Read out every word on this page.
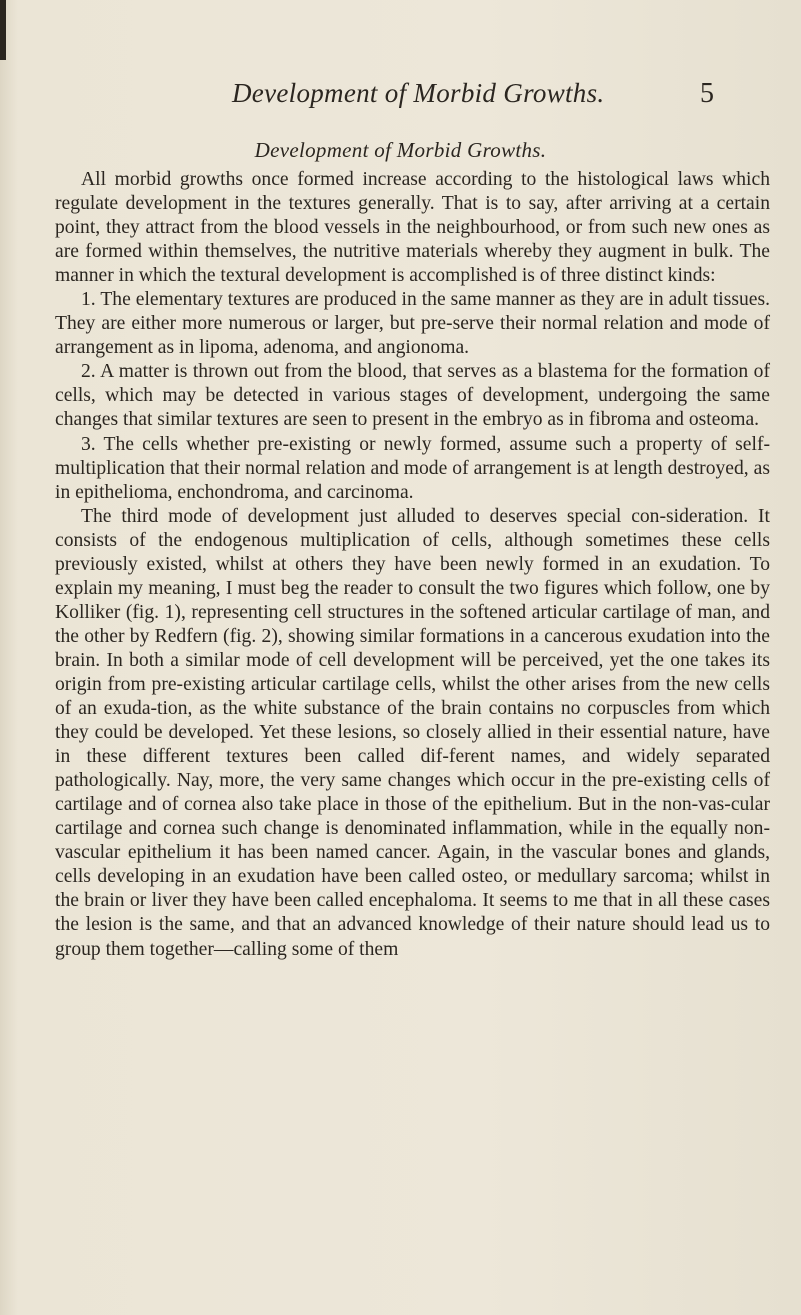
Development of Morbid Growths.	5
Development of Morbid Growths.

All morbid growths once formed increase according to the histological laws which regulate development in the textures generally. That is to say, after arriving at a certain point, they attract from the blood vessels in the neighbourhood, or from such new ones as are formed within themselves, the nutritive materials whereby they augment in bulk. The manner in which the textural development is accomplished is of three distinct kinds:

1. The elementary textures are produced in the same manner as they are in adult tissues. They are either more numerous or larger, but pre-serve their normal relation and mode of arrangement as in lipoma, adenoma, and angionoma.

2. A matter is thrown out from the blood, that serves as a blastema for the formation of cells, which may be detected in various stages of development, undergoing the same changes that similar textures are seen to present in the embryo as in fibroma and osteoma.

3. The cells whether pre-existing or newly formed, assume such a property of self-multiplication that their normal relation and mode of arrangement is at length destroyed, as in epithelioma, enchondroma, and carcinoma.

The third mode of development just alluded to deserves special con-sideration. It consists of the endogenous multiplication of cells, although sometimes these cells previously existed, whilst at others they have been newly formed in an exudation. To explain my meaning, I must beg the reader to consult the two figures which follow, one by Kolliker (fig. 1), representing cell structures in the softened articular cartilage of man, and the other by Redfern (fig. 2), showing similar formations in a cancerous exudation into the brain. In both a similar mode of cell development will be perceived, yet the one takes its origin from pre-existing articular cartilage cells, whilst the other arises from the new cells of an exuda-tion, as the white substance of the brain contains no corpuscles from which they could be developed. Yet these lesions, so closely allied in their essential nature, have in these different textures been called dif-ferent names, and widely separated pathologically. Nay, more, the very same changes which occur in the pre-existing cells of cartilage and of cornea also take place in those of the epithelium. But in the non-vas-cular cartilage and cornea such change is denominated inflammation, while in the equally non-vascular epithelium it has been named cancer. Again, in the vascular bones and glands, cells developing in an exudation have been called osteo, or medullary sarcoma; whilst in the brain or liver they have been called encephaloma. It seems to me that in all these cases the lesion is the same, and that an advanced knowledge of their nature should lead us to group them together—calling some of them
